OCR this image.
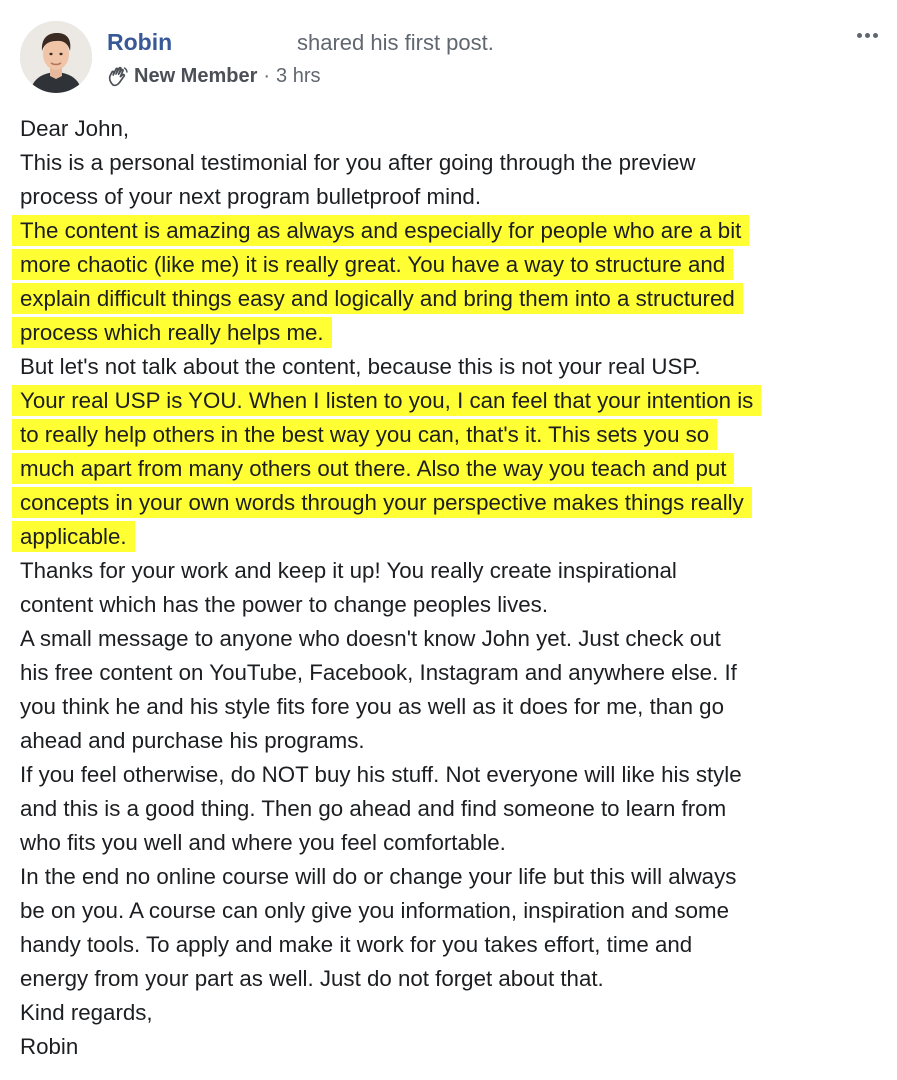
Robin	shared his first post.
New Member · 3 hrs
Dear John,
This is a personal testimonial for you after going through the preview
process of your next program bulletproof mind.
The content is amazing as always and especially for people who are a bit
more chaotic (like me) it is really great. You have a way to structure and
explain difficult things easy and logically and bring them into a structured
process which really helps me.
But let's not talk about the content, because this is not your real USP.
Your real USP is YOU. When I listen to you, I can feel that your intention is
to really help others in the best way you can, that's it. This sets you so
much apart from many others out there. Also the way you teach and put
concepts in your own words through your perspective makes things really
applicable.
Thanks for your work and keep it up! You really create inspirational
content which has the power to change peoples lives.
A small message to anyone who doesn't know John yet. Just check out
his free content on YouTube, Facebook, Instagram and anywhere else. If
you think he and his style fits fore you as well as it does for me, than go
ahead and purchase his programs.
If you feel otherwise, do NOT buy his stuff. Not everyone will like his style
and this is a good thing. Then go ahead and find someone to learn from
who fits you well and where you feel comfortable.
In the end no online course will do or change your life but this will always
be on you. A course can only give you information, inspiration and some
handy tools. To apply and make it work for you takes effort, time and
energy from your part as well. Just do not forget about that.
Kind regards,
Robin
